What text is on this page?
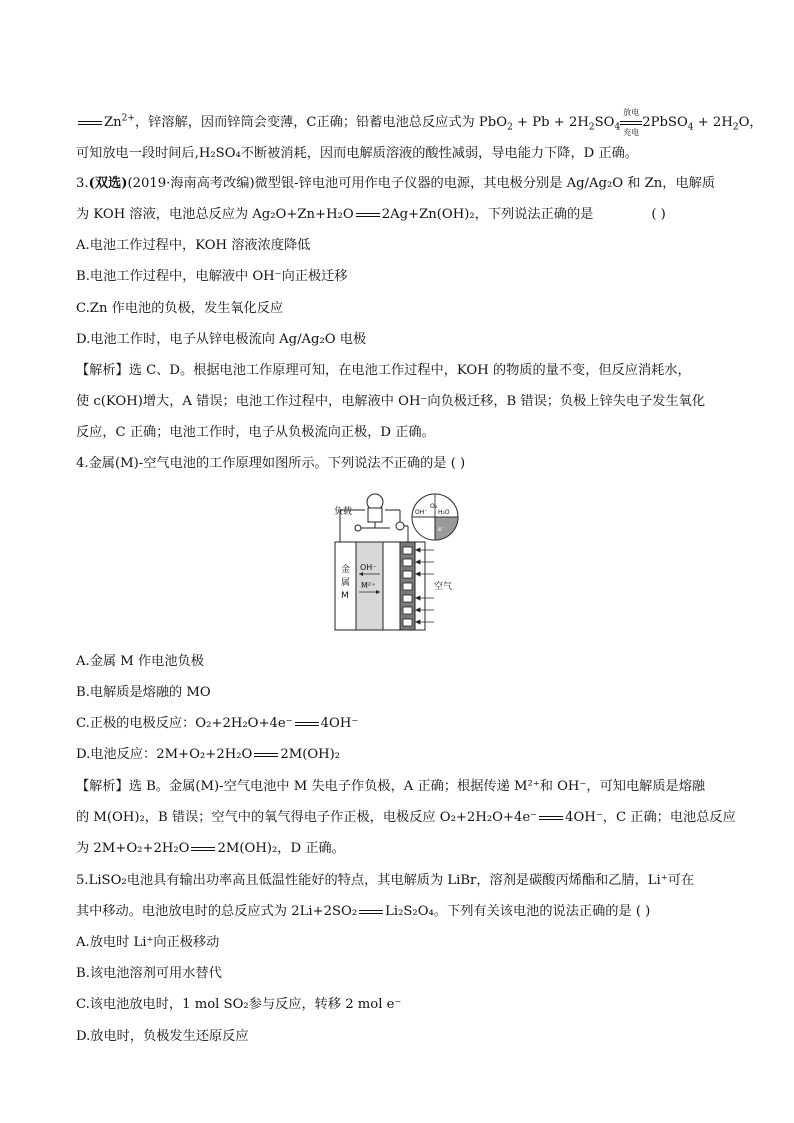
$Zn^{2+}$，锌溶解，因而锌筒会变薄，C正确；铅蓄电池总反应式为 $PbO_2 + Pb + 2H_2SO_4$
放电
充电
2PbSO$_4$ + $2H_2O$，
可知放电一段时间后,H₂SO₄不断被消耗，因而电解质溶液的酸性减弱，导电能力下降，D 正确。
3.(双选)(2019·海南高考改编)微型银-锌电池可用作电子仪器的电源，其电极分别是 Ag/Ag₂O 和 Zn，电解质
为 KOH 溶液，电池总反应为 Ag₂O+Zn+H₂O 2Ag+Zn(OH)₂，下列说法正确的是	( )
A.电池工作过程中，KOH 溶液浓度降低
B.电池工作过程中，电解液中 OH⁻向正极迁移
C.Zn 作电池的负极，发生氧化反应
D.电池工作时，电子从锌电极流向 Ag/Ag₂O 电极
【解析】选 C、D。根据电池工作原理可知，在电池工作过程中，KOH 的物质的量不变，但反应消耗水，
使 c(KOH)增大，A 错误；电池工作过程中，电解液中 OH⁻向负极迁移，B 错误；负极上锌失电子发生氧化
反应，C 正确；电池工作时，电子从负极流向正极，D 正确。
4.金属(M)-空气电池的工作原理如图所示。下列说法不正确的是 ( )
负载
金
属
M
OH⁻
M²⁺	空气
O₂
H₂O
OH⁻
e⁻
A.金属 M 作电池负极
B.电解质是熔融的 MO
C.正极的电极反应：O₂+2H₂O+4e⁻ 4OH⁻
D.电池反应：2M+O₂+2H₂O 2M(OH)₂
【解析】选 B。金属(M)-空气电池中 M 失电子作负极，A 正确；根据传递 M²⁺和 OH⁻，可知电解质是熔融
的 M(OH)₂，B 错误；空气中的氧气得电子作正极，电极反应 O₂+2H₂O+4e⁻ 4OH⁻，C 正确；电池总反应
为 2M+O₂+2H₂O 2M(OH)₂，D 正确。
5.LiSO₂电池具有输出功率高且低温性能好的特点，其电解质为 LiBr，溶剂是碳酸丙烯酯和乙腈，Li⁺可在
其中移动。电池放电时的总反应式为 2Li+2SO₂ Li₂S₂O₄。下列有关该电池的说法正确的是 ( )
A.放电时 Li⁺向正极移动
B.该电池溶剂可用水替代
C.该电池放电时，1 mol SO₂参与反应，转移 2 mol e⁻
D.放电时，负极发生还原反应
